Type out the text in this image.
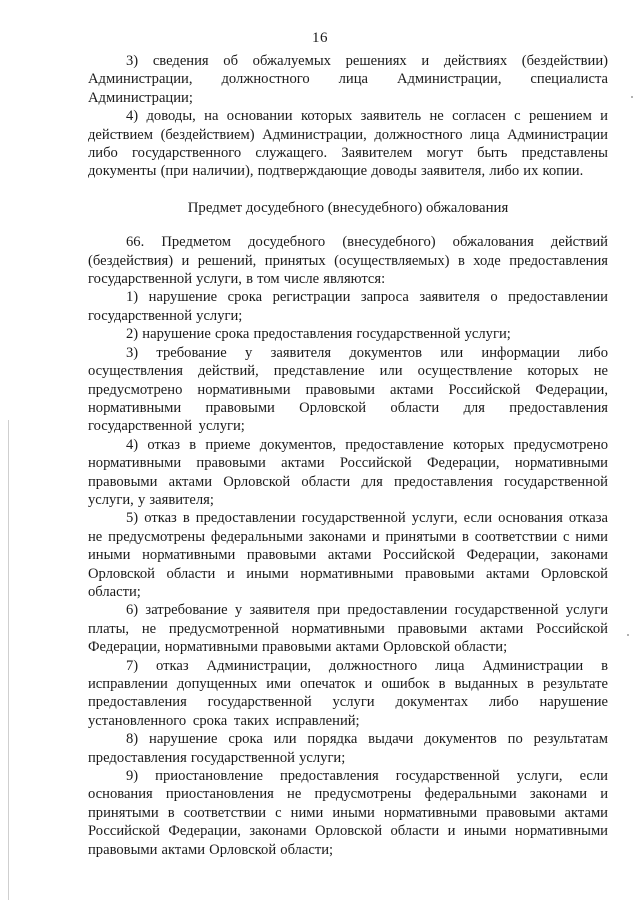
16

3) сведения об обжалуемых решениях и действиях (бездействии) Администрации, должностного лица Администрации, специалиста Администрации;

4) доводы, на основании которых заявитель не согласен с решением и действием (бездействием) Администрации, должностного лица Администрации либо государственного служащего. Заявителем могут быть представлены документы (при наличии), подтверждающие доводы заявителя, либо их копии.

Предмет досудебного (внесудебного) обжалования

66. Предметом досудебного (внесудебного) обжалования действий (бездействия) и решений, принятых (осуществляемых) в ходе предоставления государственной услуги, в том числе являются:

1) нарушение срока регистрации запроса заявителя о предоставлении государственной услуги;

2) нарушение срока предоставления государственной услуги;

3) требование у заявителя документов или информации либо осуществления действий, представление или осуществление которых не предусмотрено нормативными правовыми актами Российской Федерации, нормативными правовыми Орловской области для предоставления государственной услуги;

4) отказ в приеме документов, предоставление которых предусмотрено нормативными правовыми актами Российской Федерации, нормативными правовыми актами Орловской области для предоставления государственной услуги, у заявителя;

5) отказ в предоставлении государственной услуги, если основания отказа не предусмотрены федеральными законами и принятыми в соответствии с ними иными нормативными правовыми актами Российской Федерации, законами Орловской области и иными нормативными правовыми актами Орловской области;

6) затребование у заявителя при предоставлении государственной услуги платы, не предусмотренной нормативными правовыми актами Российской Федерации, нормативными правовыми актами Орловской области;

7) отказ Администрации, должностного лица Администрации в исправлении допущенных ими опечаток и ошибок в выданных в результате предоставления государственной услуги документах либо нарушение установленного срока таких исправлений;

8) нарушение срока или порядка выдачи документов по результатам предоставления государственной услуги;

9) приостановление предоставления государственной услуги, если основания приостановления не предусмотрены федеральными законами и принятыми в соответствии с ними иными нормативными правовыми актами Российской Федерации, законами Орловской области и иными нормативными правовыми актами Орловской области;
